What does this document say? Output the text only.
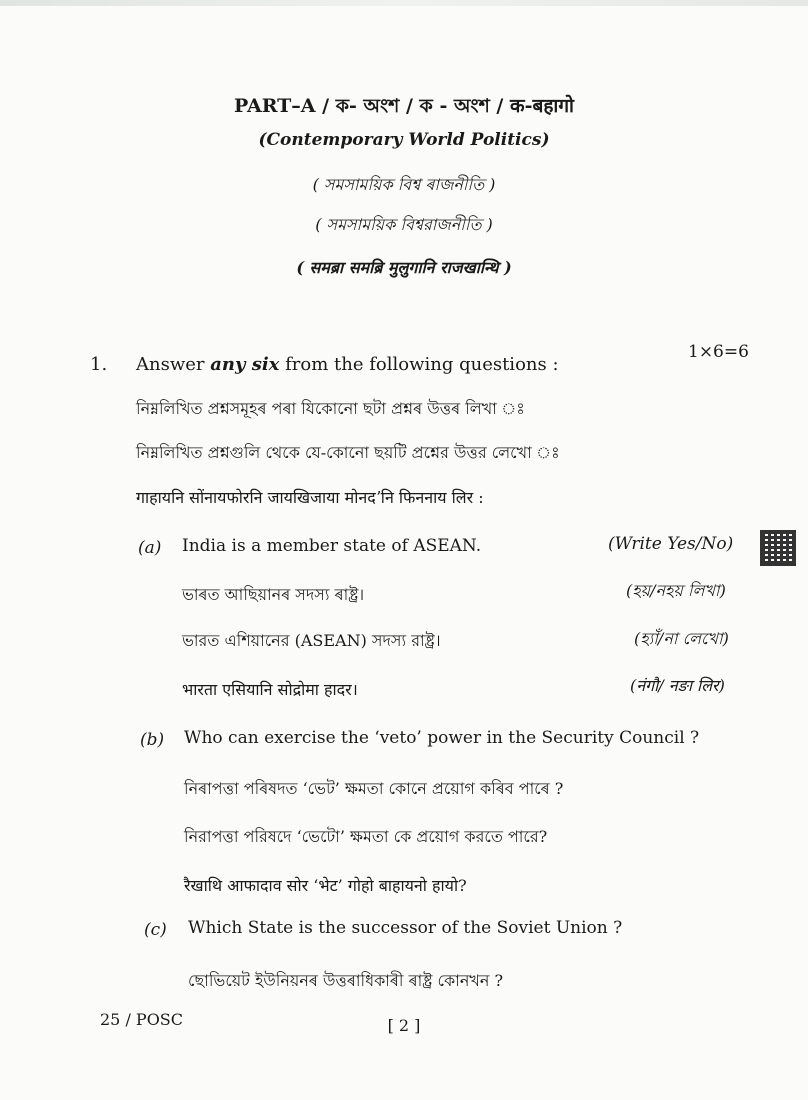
PART–A / ক- অংশ / ক - অংশ / क-बहागो
(Contemporary World Politics)
( সমসাময়িক বিশ্ব ৰাজনীতি )
( সমসাময়িক বিশ্বরাজনীতি )
( समब्रा समब्रि मुलुगानि राजखान्थि )
1. Answer any six from the following questions :
1×6=6
নিম্নলিখিত প্ৰশ্নসমূহৰ পৰা যিকোনো ছটা প্ৰশ্নৰ উত্তৰ লিখা ঃ
নিম্নলিখিত প্রশ্নগুলি থেকে যে-কোনো ছয়টি প্রশ্নের উত্তর লেখো ঃ
गाहायनि सोंनायफोरनि जायखिजाया मोनदʼनि फिननाय लिर :
(a) India is a member state of ASEAN.	(Write Yes/No)
ভাৰত আছিয়ানৰ সদস্য ৰাষ্ট্ৰ।	(হয়/নহয় লিখা)
ভারত এশিয়ানের (ASEAN) সদস্য রাষ্ট্র।	(হ্যাঁ/না লেখো)
भारता एसियानि सोद्रोमा हादर।	(नंगौ/ नङा लिर)
(b) Who can exercise the ‘veto’ power in the Security Council ?
নিৰাপত্তা পৰিষদত ‘ভেট’ ক্ষমতা কোনে প্ৰয়োগ কৰিব পাৰে ?
নিরাপত্তা পরিষদে ‘ভেটো’ ক্ষমতা কে প্রয়োগ করতে পারে?
रैखाथि आफादाव सोर ‘भेट’ गोहो बाहायनो हायो?
(c) Which State is the successor of the Soviet Union ?
ছোভিয়েট ইউনিয়নৰ উত্তৰাধিকাৰী ৰাষ্ট্ৰ কোনখন ?
25 / POSC	[ 2 ]
